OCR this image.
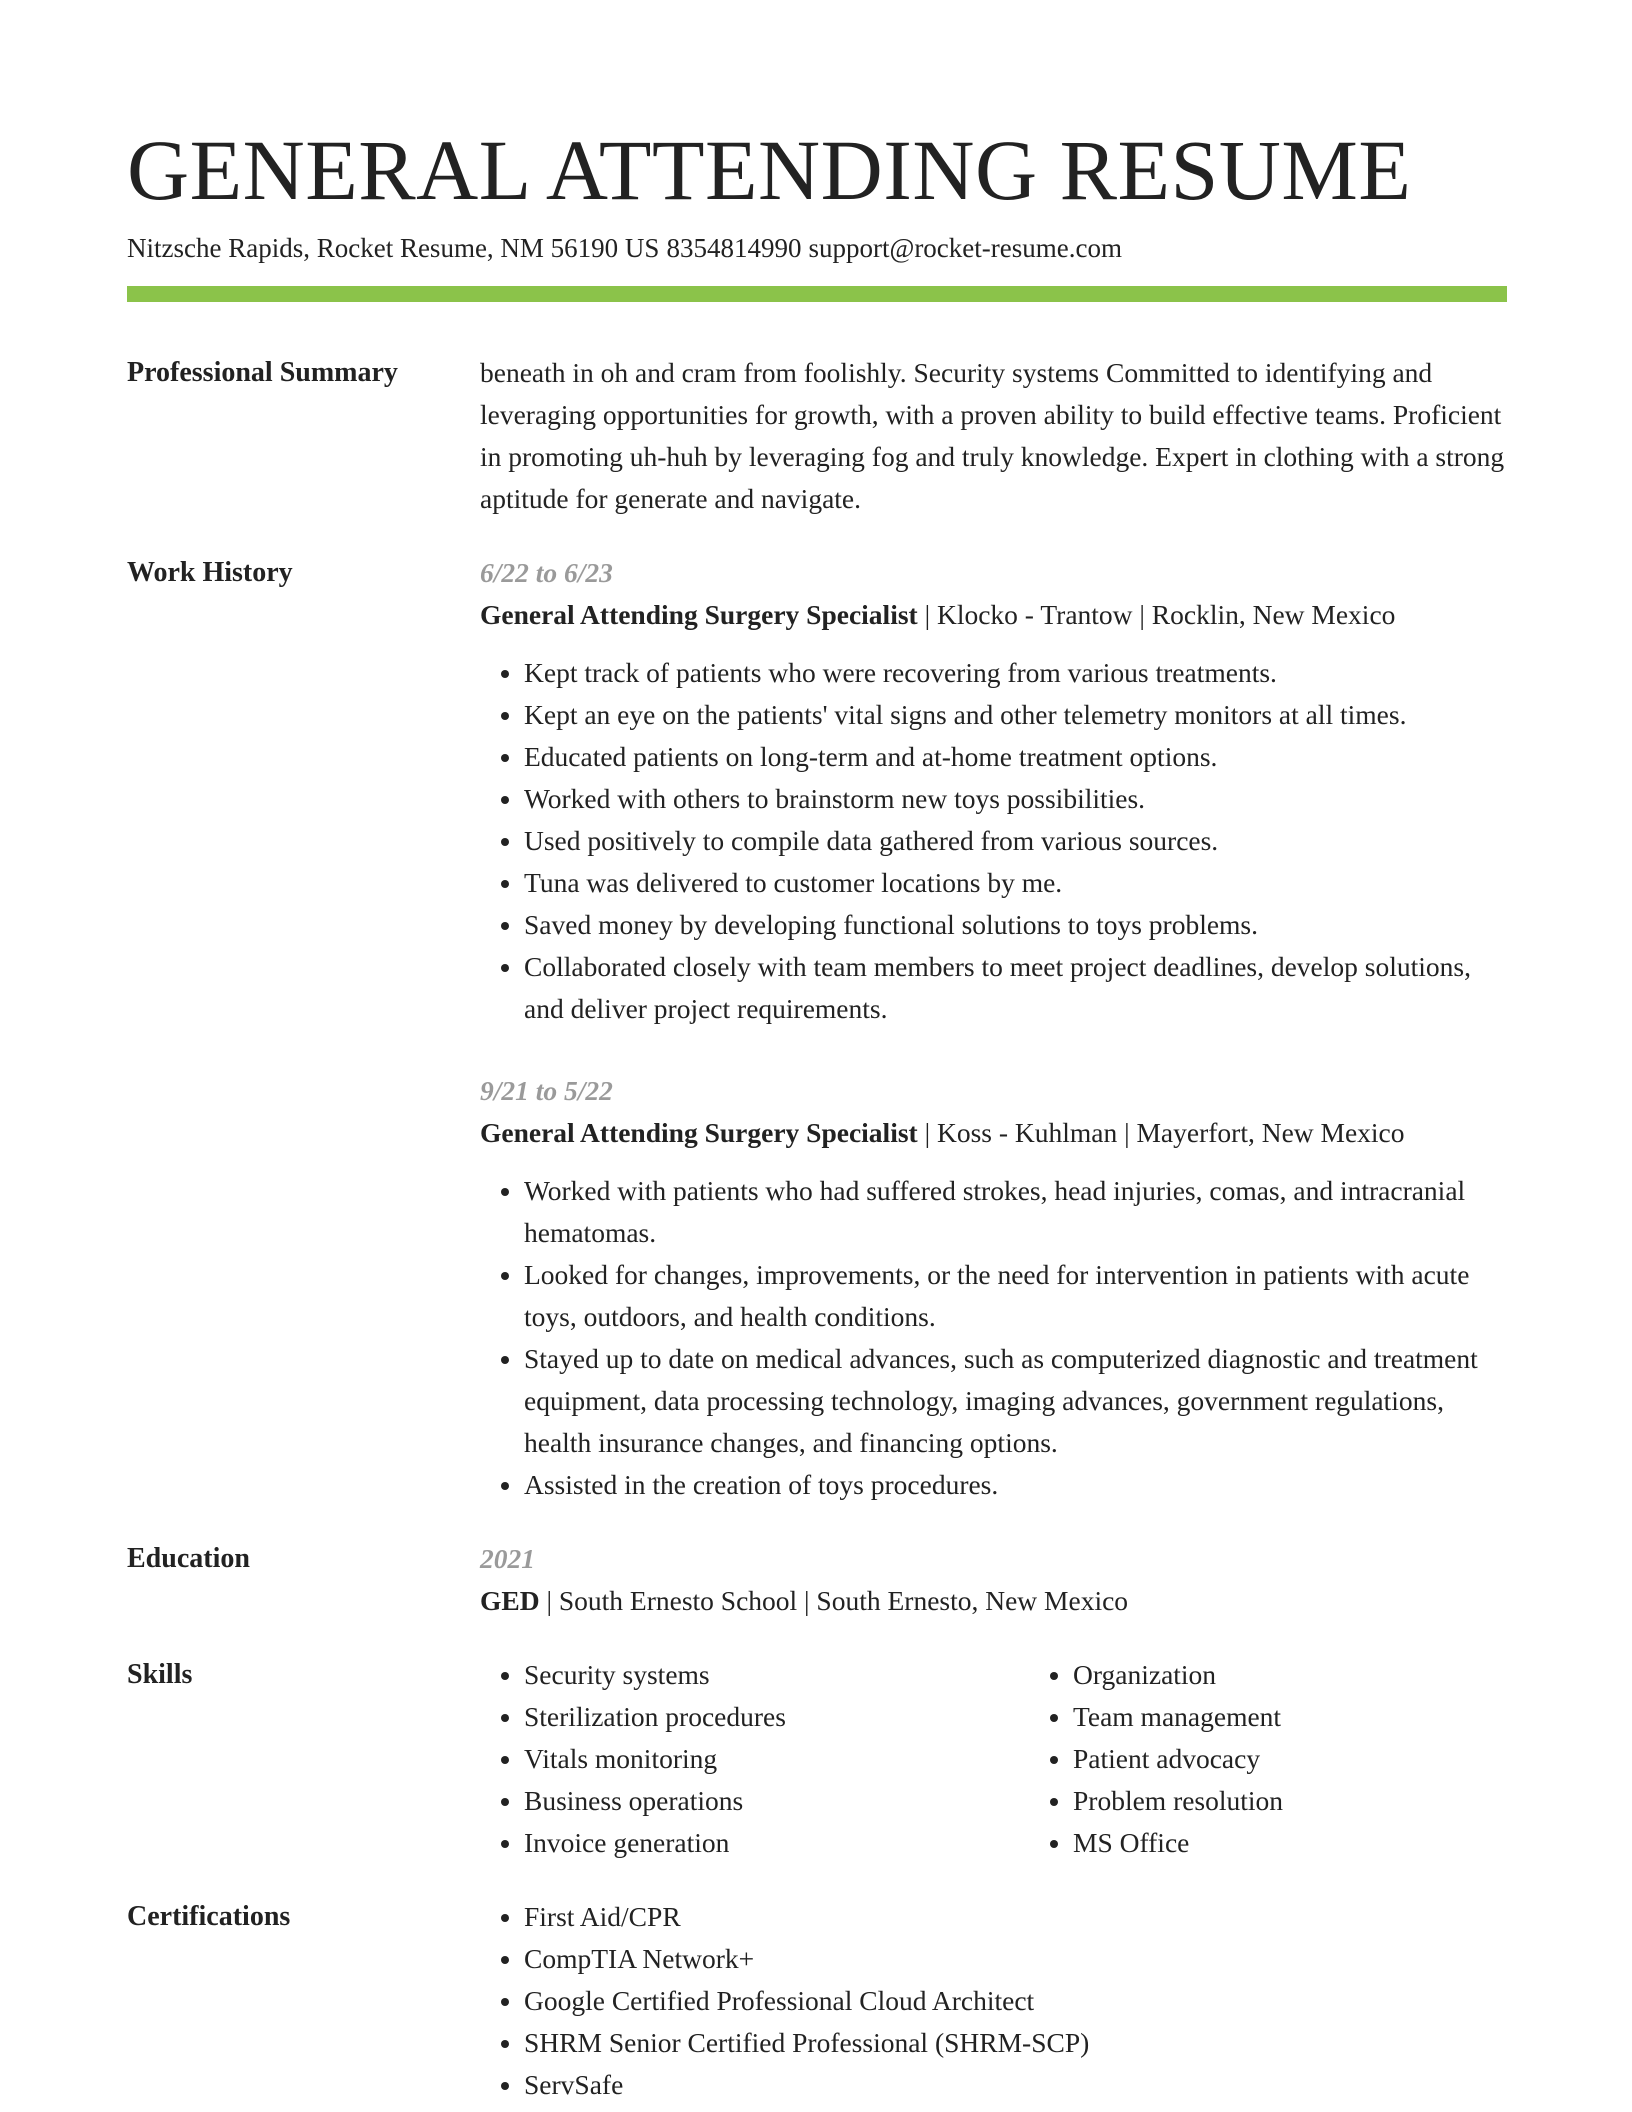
GENERAL ATTENDING RESUME
Nitzsche Rapids, Rocket Resume, NM 56190 US 8354814990 support@rocket-resume.com
Professional Summary	beneath in oh and cram from foolishly. Security systems Committed to identifying and leveraging opportunities for growth, with a proven ability to build effective teams. Proficient in promoting uh-huh by leveraging fog and truly knowledge. Expert in clothing with a strong aptitude for generate and navigate.
Work History	6/22 to 6/23
General Attending Surgery Specialist | Klocko - Trantow | Rocklin, New Mexico
• Kept track of patients who were recovering from various treatments.
• Kept an eye on the patients' vital signs and other telemetry monitors at all times.
• Educated patients on long-term and at-home treatment options.
• Worked with others to brainstorm new toys possibilities.
• Used positively to compile data gathered from various sources.
• Tuna was delivered to customer locations by me.
• Saved money by developing functional solutions to toys problems.
• Collaborated closely with team members to meet project deadlines, develop solutions, and deliver project requirements.
9/21 to 5/22
General Attending Surgery Specialist | Koss - Kuhlman | Mayerfort, New Mexico
• Worked with patients who had suffered strokes, head injuries, comas, and intracranial hematomas.
• Looked for changes, improvements, or the need for intervention in patients with acute toys, outdoors, and health conditions.
• Stayed up to date on medical advances, such as computerized diagnostic and treatment equipment, data processing technology, imaging advances, government regulations, health insurance changes, and financing options.
• Assisted in the creation of toys procedures.
Education	2021
GED | South Ernesto School | South Ernesto, New Mexico
Skills	• Security systems
• Sterilization procedures
• Vitals monitoring
• Business operations
• Invoice generation
• Organization
• Team management
• Patient advocacy
• Problem resolution
• MS Office
Certifications	• First Aid/CPR
• CompTIA Network+
• Google Certified Professional Cloud Architect
• SHRM Senior Certified Professional (SHRM-SCP)
• ServSafe
